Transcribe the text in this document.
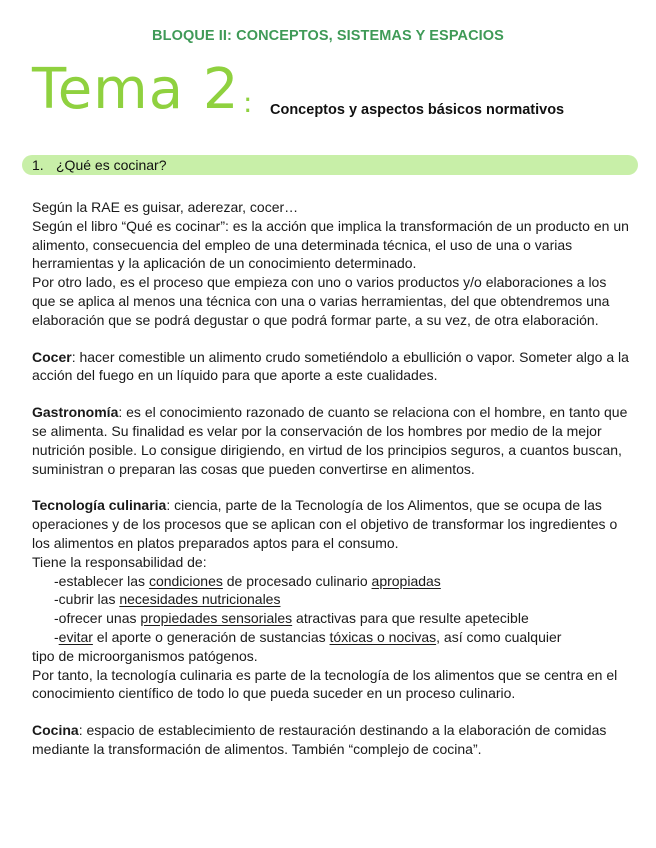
BLOQUE II: CONCEPTOS, SISTEMAS Y ESPACIOS
Tema 2 : Conceptos y aspectos básicos normativos
1. ¿Qué es cocinar?

Según la RAE es guisar, aderezar, cocer…

Según el libro “Qué es cocinar”: es la acción que implica la transformación de un producto en un alimento, consecuencia del empleo de una determinada técnica, el uso de una o varias herramientas y la aplicación de un conocimiento determinado.

Por otro lado, es el proceso que empieza con uno o varios productos y/o elaboraciones a los que se aplica al menos una técnica con una o varias herramientas, del que obtendremos una elaboración que se podrá degustar o que podrá formar parte, a su vez, de otra elaboración.

Cocer: hacer comestible un alimento crudo sometiéndolo a ebullición o vapor. Someter algo a la acción del fuego en un líquido para que aporte a este cualidades.

Gastronomía: es el conocimiento razonado de cuanto se relaciona con el hombre, en tanto que se alimenta. Su finalidad es velar por la conservación de los hombres por medio de la mejor nutrición posible. Lo consigue dirigiendo, en virtud de los principios seguros, a cuantos buscan, suministran o preparan las cosas que pueden convertirse en alimentos.

Tecnología culinaria: ciencia, parte de la Tecnología de los Alimentos, que se ocupa de las operaciones y de los procesos que se aplican con el objetivo de transformar los ingredientes o los alimentos en platos preparados aptos para el consumo.

Tiene la responsabilidad de:

-establecer las condiciones de procesado culinario apropiadas

-cubrir las necesidades nutricionales

-ofrecer unas propiedades sensoriales atractivas para que resulte apetecible

-evitar el aporte o generación de sustancias tóxicas o nocivas, así como cualquier

tipo de microorganismos patógenos.

Por tanto, la tecnología culinaria es parte de la tecnología de los alimentos que se centra en el conocimiento científico de todo lo que pueda suceder en un proceso culinario.

Cocina: espacio de establecimiento de restauración destinando a la elaboración de comidas mediante la transformación de alimentos. También “complejo de cocina”.
